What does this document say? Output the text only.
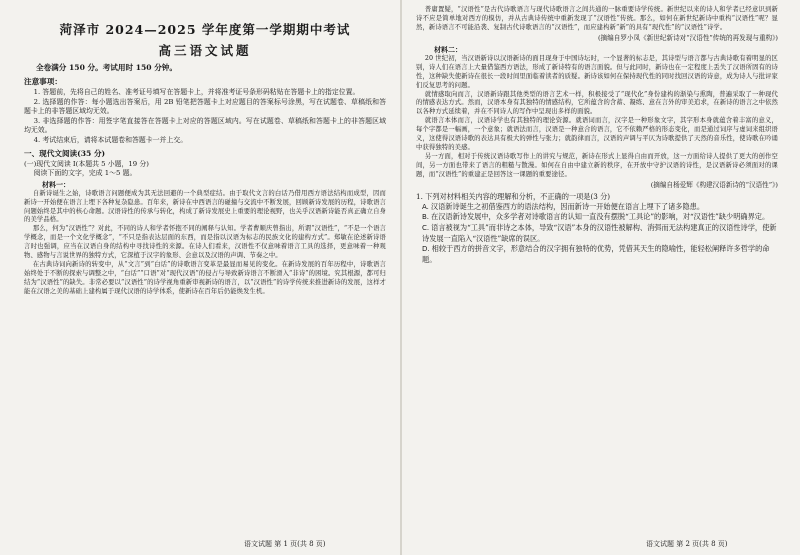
菏泽市 2024—2025 学年度第一学期期中考试

高三语文试题

全卷满分 150 分。考试用时 150 分钟。

注意事项：

1. 答题前，先将自己的姓名、准考证号填写在答题卡上，并将准考证号条形码粘贴在答题卡上的指定位置。

2. 选择题的作答：每小题选出答案后，用 2B 铅笔把答题卡上对应题目的答案标号涂黑，写在试题卷、草稿纸和答题卡上的非答题区域均无效。

3. 非选择题的作答：用签字笔直接答在答题卡上对应的答题区域内。写在试题卷、草稿纸和答题卡上的非答题区域均无效。

4. 考试结束后，请将本试题卷和答题卡一并上交。

一、现代文阅读(35 分)

(一)现代文阅读 I(本题共 5 小题，19 分)

阅读下面的文字，完成 1～5 题。

材料一：

自新诗诞生之始，诗歌语言问题便成为其无法回避的一个典型症结。由于取代文言的白话乃借用西方语法结构而成型，因而新诗一开始便在语言上埋下各种复杂隐患。百年来，新诗在中西语言的碰撞与交流中不断发展，回顾新诗发展的历程，诗歌语言问题始终是其中的核心命题。汉语诗性的传承与转化，构成了新诗发展史上重要的理论视野，也关乎汉语新诗能否真正确立自身的美学品格。

那么，何为“汉语性”？对此，不同的诗人和学者怀抱不同的阐释与认知。学者曹顺庆曾指出，所谓“汉语性”，“不是一个语言学概念，而是一个文化学概念”，“不只是指表达层面的东西，而是指以汉语为标志的民族文化的建构方式”。郑敏在论述新诗语言时也强调，应当在汉语自身的结构中寻找诗性的来源。在诗人们看来，汉语性不仅意味着语言工具的选择，更意味着一种观物、感物与言说世界的独特方式，它深植于汉字的象形、会意以及汉语的声调、节奏之中。

在古典诗词向新诗的转变中，从“文言”到“白话”的诗歌语言变革是最显而易见的变化。在新诗发展的百年历程中，诗歌语言始终处于不断的探索与调整之中，“白话”“口语”对“现代汉语”的侵占与导致新诗语言不断滑入“非诗”的困境。究其根源，都可归结为“汉语性”的缺失。非常必要以“汉语性”的诗学视角重新审视新诗的语言，以“汉语性”的诗学传统来推进新诗的发展，这样才能在汉语之美的基础上建构属于现代汉语的诗学体系，使新诗在百年后仍能焕发生机。

语文试题 第 1 页(共 8 页)

普庸置疑，“汉语性”是古代诗歌语言与现代诗歌语言之间共通的一脉重要诗学传统。新世纪以来的诗人和学者已经意识到新诗不应是简单地对西方的模仿，并从古典诗传统中重新发现了“汉语性”传统。那么，如何在新世纪新诗中重构“汉语性”呢？显然，新诗语言不可能沿袭、复制古代诗歌语言的“汉语性”，而应建构新“新”的具有“现代性”的“汉语性”诗学。

(摘编自罗小凤《新世纪新诗对“汉语性”传统的再发现与重构》)

材料二：

20 世纪初，当汉语新诗以汉语新诗的面目现身于中国诗坛时，一个显著的标志是，其诗型与语言都与古典诗歌有着明显的区别，诗人们在语言上大量借鉴西方语法，形成了新诗特有的语言面貌。但与此同时，新诗也在一定程度上丢失了汉语所固有的诗性，这种缺失使新诗在很长一段时间里面临着读者的质疑。新诗该如何在保持现代性的同时找回汉语的诗意，成为诗人与批评家们反复思考的问题。

就情感取向而言，汉语新诗跟其他类型的语言艺术一样，积极接受了“现代化”身份建构的渐染与熏陶，普遍采取了一种现代的情感表达方式。然而，汉语本身有其独特的情感结构，它所蕴含的含蓄、凝练、意在言外的审美追求，在新诗的语言之中依然以各种方式延续着，并在不同诗人的写作中呈现出多样的面貌。

就语言本体而言，汉语诗学也有其独特的理论资源。就语词而言，汉字是一种形象文字，其字形本身就蕴含着丰富的意义，每个字都是一幅画，一个意象；就语法而言，汉语是一种意合的语言，它不依赖严格的形态变化，而是通过词序与虚词来组织语义，这使得汉语诗歌的表达具有极大的弹性与张力；就韵律而言，汉语的声调与平仄为诗歌提供了天然的音乐性，使诗歌在吟诵中获得独特的美感。

另一方面，相对于传统汉语诗歌写作上的讲究与规范，新诗在形式上显得自由而开放，这一方面给诗人提供了更大的创作空间，另一方面也带来了语言的粗糙与散漫。如何在自由中建立新的秩序，在开放中守护汉语的诗性，是汉语新诗必须面对的课题，而“汉语性”的重建正是回答这一课题的重要途径。

(摘编自杨爱辉《构建汉语新诗的“汉语性”》)

1. 下列对材料相关内容的理解和分析，不正确的一项是(3 分)

A. 汉语新诗诞生之初借鉴西方的语法结构，因而新诗一开始便在语言上埋下了诸多隐患。

B. 在汉语新诗发展中，众多学者对诗歌语言的认知一直没有摆脱“工具论”的影响，对“汉语性”缺少明确界定。

C. 语言被视为“工具”而非诗之本体，导致“汉语”本身的汉语性被解构、消弭而无法构建真正的汉语性诗学，使新诗发展一直陷入“汉语性”缺席的误区。

D. 相较于西方的拼音文字，形意结合的汉字拥有独特的优势，凭借其天生的隐喻性，能轻松阐释许多哲学的命题。

语文试题 第 2 页(共 8 页)
